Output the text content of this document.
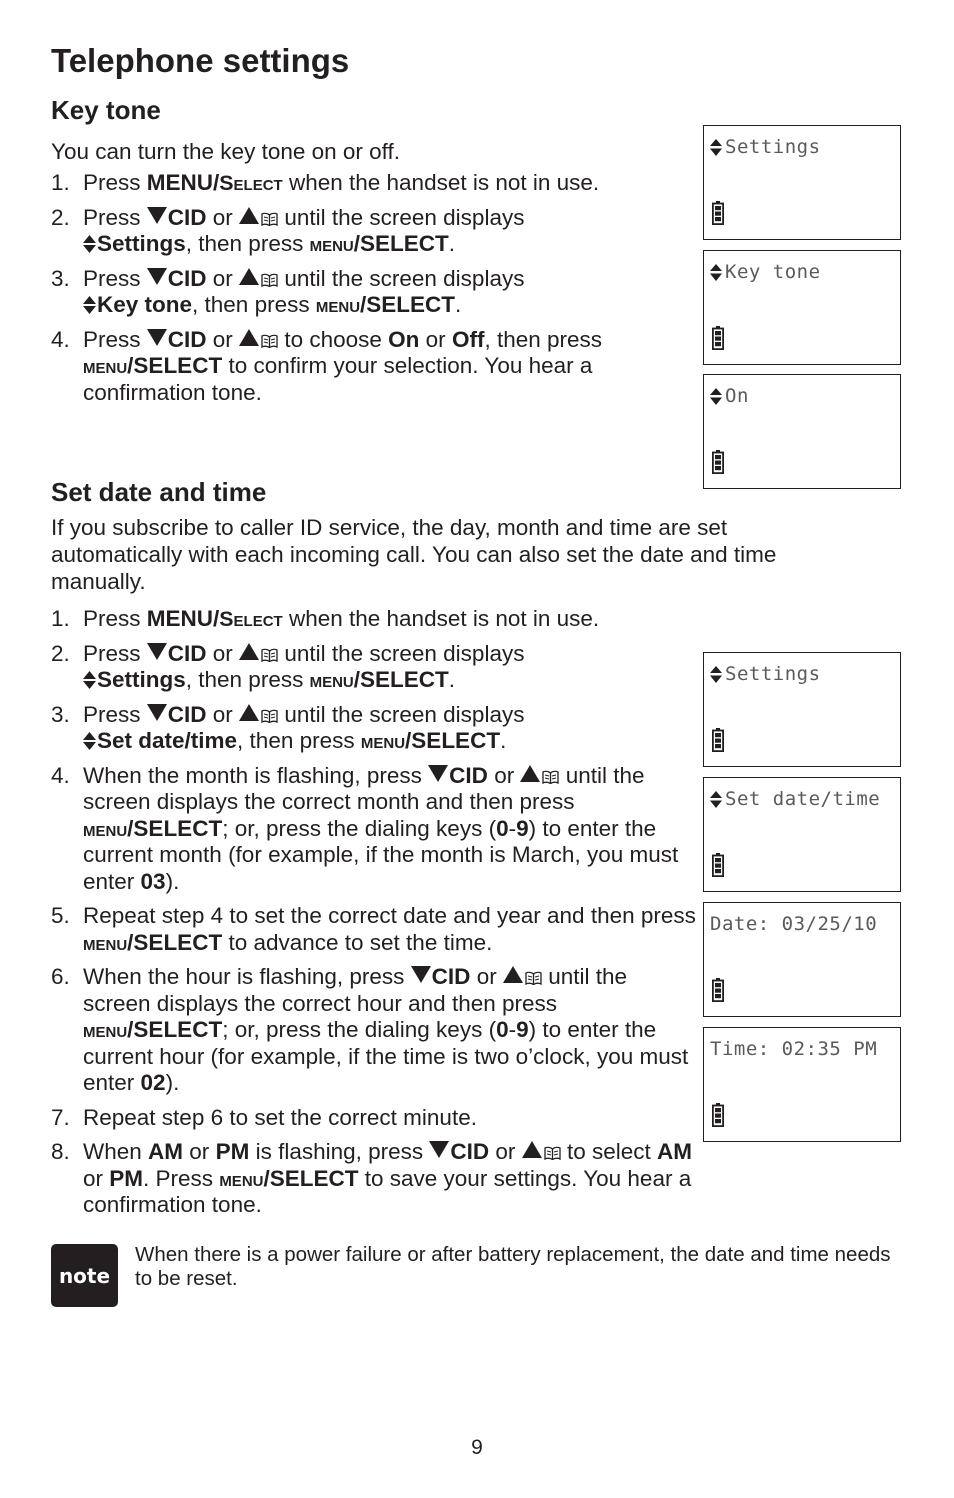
Telephone settings
Key tone

You can turn the key tone on or off.

1. Press MENU/Select when the handset is not in use.
2. Press CID or  until the screen displays
Settings, then press menu/SELECT.
3. Press CID or  until the screen displays
Key tone, then press menu/SELECT.
4. Press CID or  to choose On or Off, then press
menu/SELECT to confirm your selection. You hear a confirmation tone.
Settings
Key tone
On
Set date and time

If you subscribe to caller ID service, the day, month and time are set automatically with each incoming call. You can also set the date and time manually.

1. Press MENU/Select when the handset is not in use.
2. Press CID or  until the screen displays
Settings, then press menu/SELECT.
3. Press CID or  until the screen displays
Set date/time, then press menu/SELECT.
4. When the month is flashing, press CID or  until the screen displays the correct month and then press menu/SELECT; or, press the dialing keys (0-9) to enter the current month (for example, if the month is March, you must enter 03).
5. Repeat step 4 to set the correct date and year and then press menu/SELECT to advance to set the time.
6. When the hour is flashing, press CID or  until the screen displays the correct hour and then press menu/SELECT; or, press the dialing keys (0-9) to enter the current hour (for example, if the time is two o’clock, you must enter 02).
7. Repeat step 6 to set the correct minute.
8. When AM or PM is flashing, press CID or  to select AM or PM. Press menu/SELECT to save your settings. You hear a confirmation tone.
Settings
Set date/time
Date: 03/25/10
Time: 02:35 PM
note

When there is a power failure or after battery replacement, the date and time needs to be reset.

9
